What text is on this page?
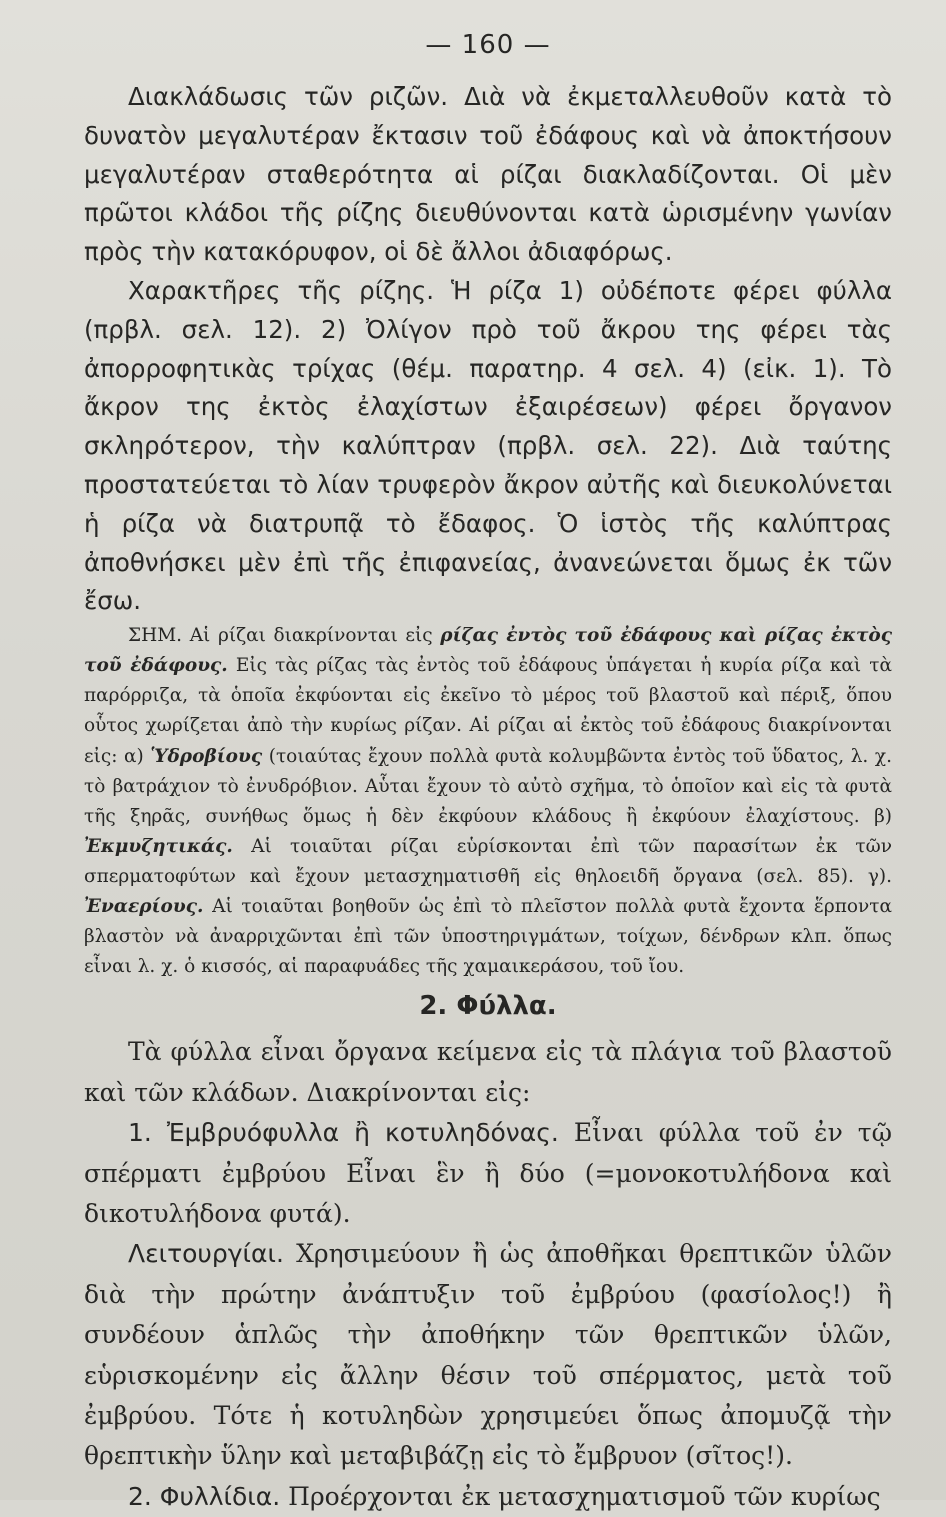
— 160 —

Διακλάδωσις τῶν ριζῶν. Διὰ νὰ ἐκμεταλλευθοῦν κατὰ τὸ δυνατὸν μεγαλυτέραν ἔκτασιν τοῦ ἐδάφους καὶ νὰ ἀποκτήσουν μεγαλυτέραν σταθερότητα αἱ ρίζαι διακλαδίζονται. Οἱ μὲν πρῶτοι κλάδοι τῆς ρίζης διευθύνονται κατὰ ὡρισμένην γωνίαν πρὸς τὴν κατακόρυφον, οἱ δὲ ἄλλοι ἀδιαφόρως.

Χαρακτῆρες τῆς ρίζης. Ἡ ρίζα 1) οὐδέποτε φέρει φύλλα (πρβλ. σελ. 12). 2) Ὀλίγον πρὸ τοῦ ἄκρου της φέρει τὰς ἀπορροφητικὰς τρίχας (θέμ. παρατηρ. 4 σελ. 4) (εἰκ. 1). Τὸ ἄκρον της ἐκτὸς ἐλαχίστων ἐξαιρέσεων) φέρει ὄργανον σκληρότερον, τὴν καλύπτραν (πρβλ. σελ. 22). Διὰ ταύτης προστατεύεται τὸ λίαν τρυφερὸν ἄκρον αὐτῆς καὶ διευκολύνεται ἡ ρίζα νὰ διατρυπᾷ τὸ ἔδαφος. Ὁ ἱστὸς τῆς καλύπτρας ἀποθνήσκει μὲν ἐπὶ τῆς ἐπιφανείας, ἀνανεώνεται ὅμως ἐκ τῶν ἔσω.

ΣΗΜ. Αἱ ρίζαι διακρίνονται εἰς ρίζας ἐντὸς τοῦ ἐδάφους καὶ ρίζας ἐκτὸς τοῦ ἐδάφους. Εἰς τὰς ρίζας τὰς ἐντὸς τοῦ ἐδάφους ὑπάγεται ἡ κυρία ρίζα καὶ τὰ παρόρριζα, τὰ ὁποῖα ἐκφύονται εἰς ἐκεῖνο τὸ μέρος τοῦ βλαστοῦ καὶ πέριξ, ὅπου οὗτος χωρίζεται ἀπὸ τὴν κυρίως ρίζαν. Αἱ ρίζαι αἱ ἐκτὸς τοῦ ἐδάφους διακρίνονται εἰς: α) Ὑδροβίους (τοιαύτας ἔχουν πολλὰ φυτὰ κολυμβῶντα ἐντὸς τοῦ ὕδατος, λ. χ. τὸ βατράχιον τὸ ἐνυδρόβιον. Αὗται ἔχουν τὸ αὐτὸ σχῆμα, τὸ ὁποῖον καὶ εἰς τὰ φυτὰ τῆς ξηρᾶς, συνήθως ὅμως ἡ δὲν ἐκφύουν κλάδους ἢ ἐκφύουν ἐλαχίστους. β) Ἐκμυζητικάς. Αἱ τοιαῦται ρίζαι εὑρίσκονται ἐπὶ τῶν παρασίτων ἐκ τῶν σπερματοφύτων καὶ ἔχουν μετασχηματισθῆ εἰς θηλοειδῆ ὄργανα (σελ. 85). γ). Ἐναερίους. Αἱ τοιαῦται βοηθοῦν ὡς ἐπὶ τὸ πλεῖστον πολλὰ φυτὰ ἔχοντα ἕρποντα βλαστὸν νὰ ἀναρριχῶνται ἐπὶ τῶν ὑποστηριγμάτων, τοίχων, δένδρων κλπ. ὅπως εἶναι λ. χ. ὁ κισσός, αἱ παραφυάδες τῆς χαμαικεράσου, τοῦ ἴου.

2. Φύλλα.

Τὰ φύλλα εἶναι ὄργανα κείμενα εἰς τὰ πλάγια τοῦ βλαστοῦ καὶ τῶν κλάδων. Διακρίνονται εἰς:

1. Ἐμβρυόφυλλα ἢ κοτυληδόνας. Εἶναι φύλλα τοῦ ἐν τῷ σπέρματι ἐμβρύου Εἶναι ἓν ἢ δύο (=μονοκοτυλήδονα καὶ δικοτυλήδονα φυτά).

Λειτουργίαι. Χρησιμεύουν ἢ ὡς ἀποθῆκαι θρεπτικῶν ὑλῶν διὰ τὴν πρώτην ἀνάπτυξιν τοῦ ἐμβρύου (φασίολος!) ἢ συνδέουν ἁπλῶς τὴν ἀποθήκην τῶν θρεπτικῶν ὑλῶν, εὑρισκομένην εἰς ἄλλην θέσιν τοῦ σπέρματος, μετὰ τοῦ ἐμβρύου. Τότε ἡ κοτυληδὼν χρησιμεύει ὅπως ἀπομυζᾷ τὴν θρεπτικὴν ὕλην καὶ μεταβιβάζῃ εἰς τὸ ἔμβρυον (σῖτος!).

2. Φυλλίδια. Προέρχονται ἐκ μετασχηματισμοῦ τῶν κυρίως
